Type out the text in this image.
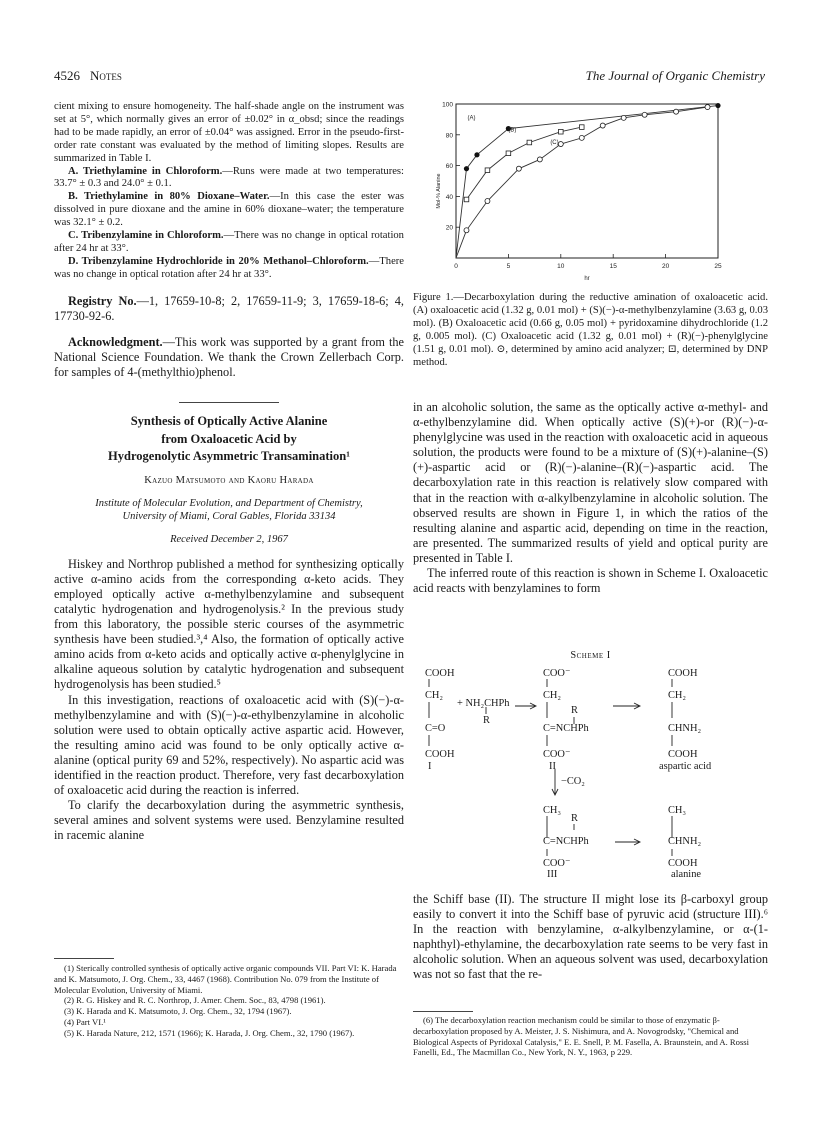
4526 Notes	The Journal of Organic Chemistry

cient mixing to ensure homogeneity. The half-shade angle on the instrument was set at 5°, which normally gives an error of ±0.02° in α_obsd; since the readings had to be made rapidly, an error of ±0.04° was assigned. Error in the pseudo-first-order rate constant was evaluated by the method of limiting slopes. Results are summarized in Table I.

A. Triethylamine in Chloroform.—Runs were made at two temperatures: 33.7° ± 0.3 and 24.0° ± 0.1.

B. Triethylamine in 80% Dioxane–Water.—In this case the ester was dissolved in pure dioxane and the amine in 60% dioxane–water; the temperature was 32.1° ± 0.2.

C. Tribenzylamine in Chloroform.—There was no change in optical rotation after 24 hr at 33°.

D. Tribenzylamine Hydrochloride in 20% Methanol–Chloroform.—There was no change in optical rotation after 24 hr at 33°.

Registry No.—1, 17659-10-8; 2, 17659-11-9; 3, 17659-18-6; 4, 17730-92-6.

Acknowledgment.—This work was supported by a grant from the National Science Foundation. We thank the Crown Zellerbach Corp. for samples of 4-(methylthio)phenol.

Synthesis of Optically Active Alanine

from Oxaloacetic Acid by

Hydrogenolytic Asymmetric Transamination¹

Kazuo Matsumoto and Kaoru Harada

Institute of Molecular Evolution, and Department of Chemistry,

University of Miami, Coral Gables, Florida 33134

Received December 2, 1967

Hiskey and Northrop published a method for synthesizing optically active α-amino acids from the corresponding α-keto acids. They employed optically active α-methylbenzylamine and subsequent catalytic hydrogenation and hydrogenolysis.² In the previous study from this laboratory, the possible steric courses of the asymmetric synthesis have been studied.³,⁴ Also, the formation of optically active amino acids from α-keto acids and optically active α-phenylglycine in alkaline aqueous solution by catalytic hydrogenation and subsequent hydrogenolysis has been studied.⁵

In this investigation, reactions of oxaloacetic acid with (S)(−)-α-methylbenzylamine and with (S)(−)-α-ethylbenzylamine in alcoholic solution were used to obtain optically active aspartic acid. However, the resulting amino acid was found to be only optically active α-alanine (optical purity 69 and 52%, respectively). No aspartic acid was identified in the reaction product. Therefore, very fast decarboxylation of oxaloacetic acid during the reaction is inferred.

To clarify the decarboxylation during the asymmetric synthesis, several amines and solvent systems were used. Benzylamine resulted in racemic alanine

(1) Sterically controlled synthesis of optically active organic compounds VII. Part VI: K. Harada and K. Matsumoto, J. Org. Chem., 33, 4467 (1968). Contribution No. 079 from the Institute of Molecular Evolution, University of Miami.

(2) R. G. Hiskey and R. C. Northrop, J. Amer. Chem. Soc., 83, 4798 (1961).

(3) K. Harada and K. Matsumoto, J. Org. Chem., 32, 1794 (1967).

(4) Part VI.¹

(5) K. Harada Nature, 212, 1571 (1966); K. Harada, J. Org. Chem., 32, 1790 (1967).

0	5	10	15	20	25
20
40
60
80
100
hr
Mol-% Alanine
(A)
(B)
(C)
Figure 1.—Decarboxylation during the reductive amination of oxaloacetic acid. (A) oxaloacetic acid (1.32 g, 0.01 mol) + (S)(−)-α-methylbenzylamine (3.63 g, 0.03 mol). (B) Oxaloacetic acid (0.66 g, 0.05 mol) + pyridoxamine dihydrochloride (1.2 g, 0.005 mol). (C) Oxaloacetic acid (1.32 g, 0.01 mol) + (R)(−)-phenylglycine (1.51 g, 0.01 mol). ⊙, determined by amino acid analyzer; ⊡, determined by DNP method.

in an alcoholic solution, the same as the optically active α-methyl- and α-ethylbenzylamine did. When optically active (S)(+)-or (R)(−)-α-phenylglycine was used in the reaction with oxaloacetic acid in aqueous solution, the products were found to be a mixture of (S)(+)-alanine–(S)(+)-aspartic acid or (R)(−)-alanine–(R)(−)-aspartic acid. The decarboxylation rate in this reaction is relatively slow compared with that in the reaction with α-alkylbenzylamine in alcoholic solution. The observed results are shown in Figure 1, in which the ratios of the resulting alanine and aspartic acid, depending on time in the reaction, are presented. The summarized results of yield and optical purity are presented in Table I.

The inferred route of this reaction is shown in Scheme I. Oxaloacetic acid reacts with benzylamines to form

Scheme I
COOH
CH₂
C=O
COOH
I
+ NH₂CHPh
R
COO⁻
CH₂
R
C=NCHPh
COO⁻
II
COOH
CH₂
CHNH₂
COOH
aspartic acid
−CO₂
CH₃
R
C=NCHPh
COO⁻
III
CH₃
CHNH₂
COOH
alanine

the Schiff base (II). The structure II might lose its β-carboxyl group easily to convert it into the Schiff base of pyruvic acid (structure III).⁶ In the reaction with benzylamine, α-alkylbenzylamine, or α-(1-naphthyl)-ethylamine, the decarboxylation rate seems to be very fast in alcoholic solution. When an aqueous solvent was used, decarboxylation was not so fast that the re-

(6) The decarboxylation reaction mechanism could be similar to those of enzymatic β-decarboxylation proposed by A. Meister, J. S. Nishimura, and A. Novogrodsky, "Chemical and Biological Aspects of Pyridoxal Catalysis," E. E. Snell, P. M. Fasella, A. Braunstein, and A. Rossi Fanelli, Ed., The Macmillan Co., New York, N. Y., 1963, p 229.
